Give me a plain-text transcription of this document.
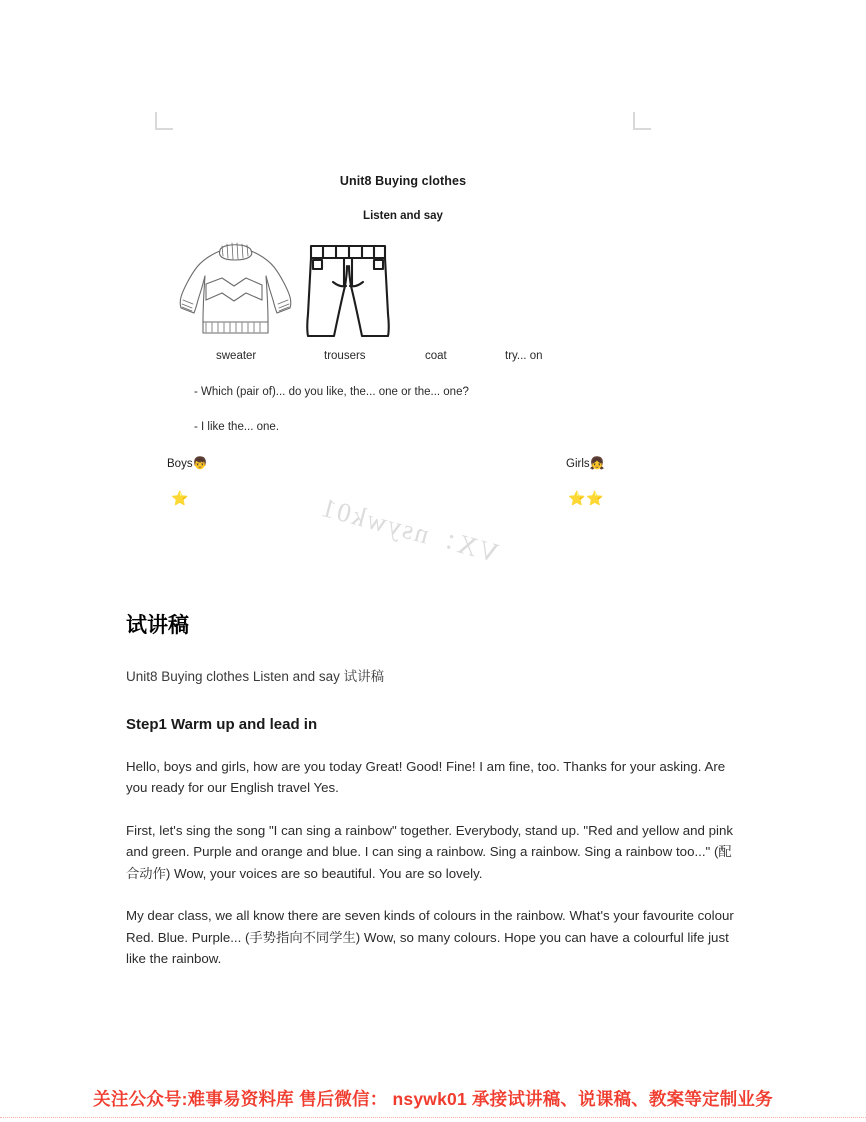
Unit8 Buying clothes
Listen and say
sweater	trousers	coat	try... on
- Which (pair of)... do you like, the... one or the... one?
- I like the... one.
Boys👦	Girls👧
⭐	⭐⭐
VX：nsywk01
试讲稿

Unit8 Buying clothes Listen and say 试讲稿

Step1 Warm up and lead in

Hello, boys and girls, how are you today Great! Good! Fine! I am fine, too. Thanks for your asking. Are you ready for our English travel Yes.

First, let's sing the song "I can sing a rainbow" together. Everybody, stand up. "Red and yellow and pink and green. Purple and orange and blue. I can sing a rainbow. Sing a rainbow. Sing a rainbow too..." (配合动作) Wow, your voices are so beautiful. You are so lovely.

My dear class, we all know there are seven kinds of colours in the rainbow. What's your favourite colour Red. Blue. Purple... (手势指向不同学生) Wow, so many colours. Hope you can have a colourful life just like the rainbow.

关注公众号:难事易资料库 售后微信： nsywk01 承接试讲稿、说课稿、教案等定制业务
